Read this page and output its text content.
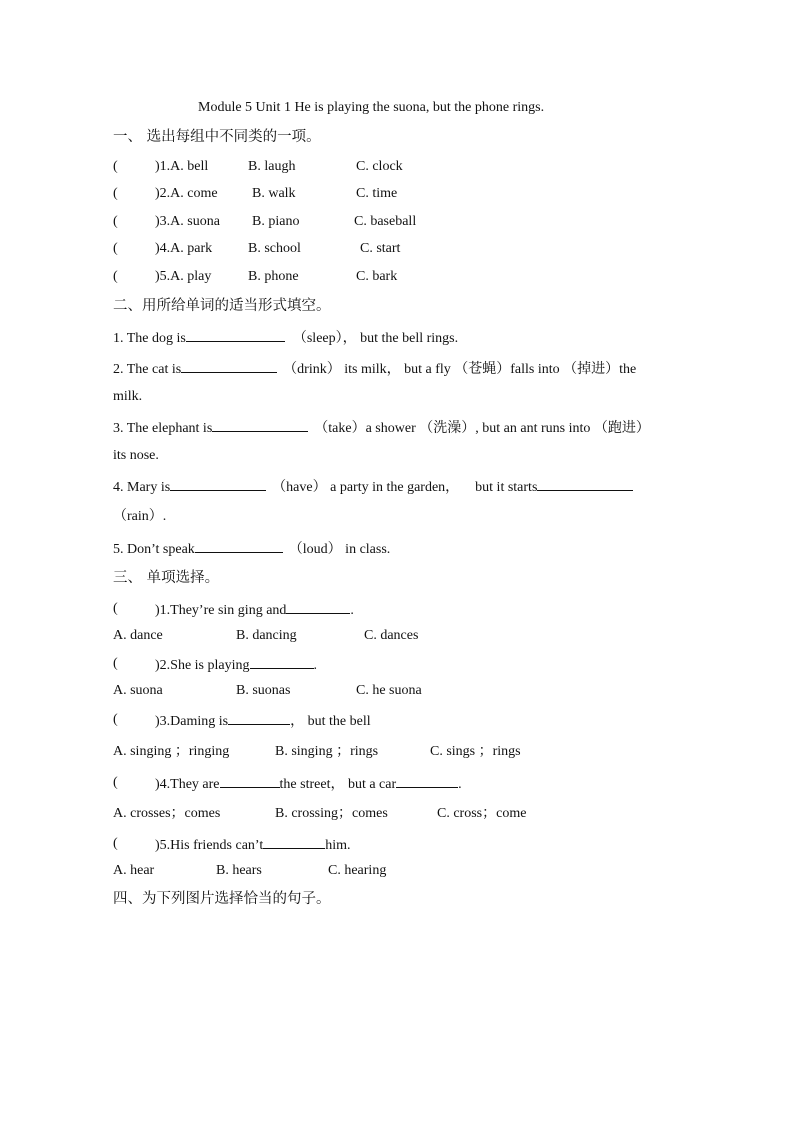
Module 5 Unit 1 He is playing the suona, but the phone rings.
一、 选出每组中不同类的一项。
(	)1.A. bell	B. laugh	C. clock
(	)2.A. come B. walk	C. time
(	)3.A. suona B. piano	C. baseball
(	)4.A. park	B. school	C. start
(	)5.A. play	B. phone	C. bark
二、用所给单词的适当形式填空。
1. The dog is	（sleep）， but the bell rings.
2. The cat is	（drink） its milk， but a fly （苍蝇）falls into （掉进）the
milk.
3. The elephant is	（take）a shower （洗澡）, but an ant runs into （跑进）
its nose.
4. Mary is	（have） a party in the garden， but it starts
（rain）.
5. Don’t speak	（loud） in class.
三、 单项选择。
(	)1.They’re sin ging and	.
A. dance	B. dancing	C. dances
(	)2.She is playing	.
A. suona	B. suonas	C. he suona
(	)3.Daming is	， but the bell
A. singing ；ringing	B. singing ；rings	C. sings ；rings
(	)4.They are	the street， but a car	.
A. crosses；comes	B. crossing；comes	C. cross；come
(	)5.His friends can’t	him.
A. hear	B. hears	C. hearing
四、为下列图片选择恰当的句子。
